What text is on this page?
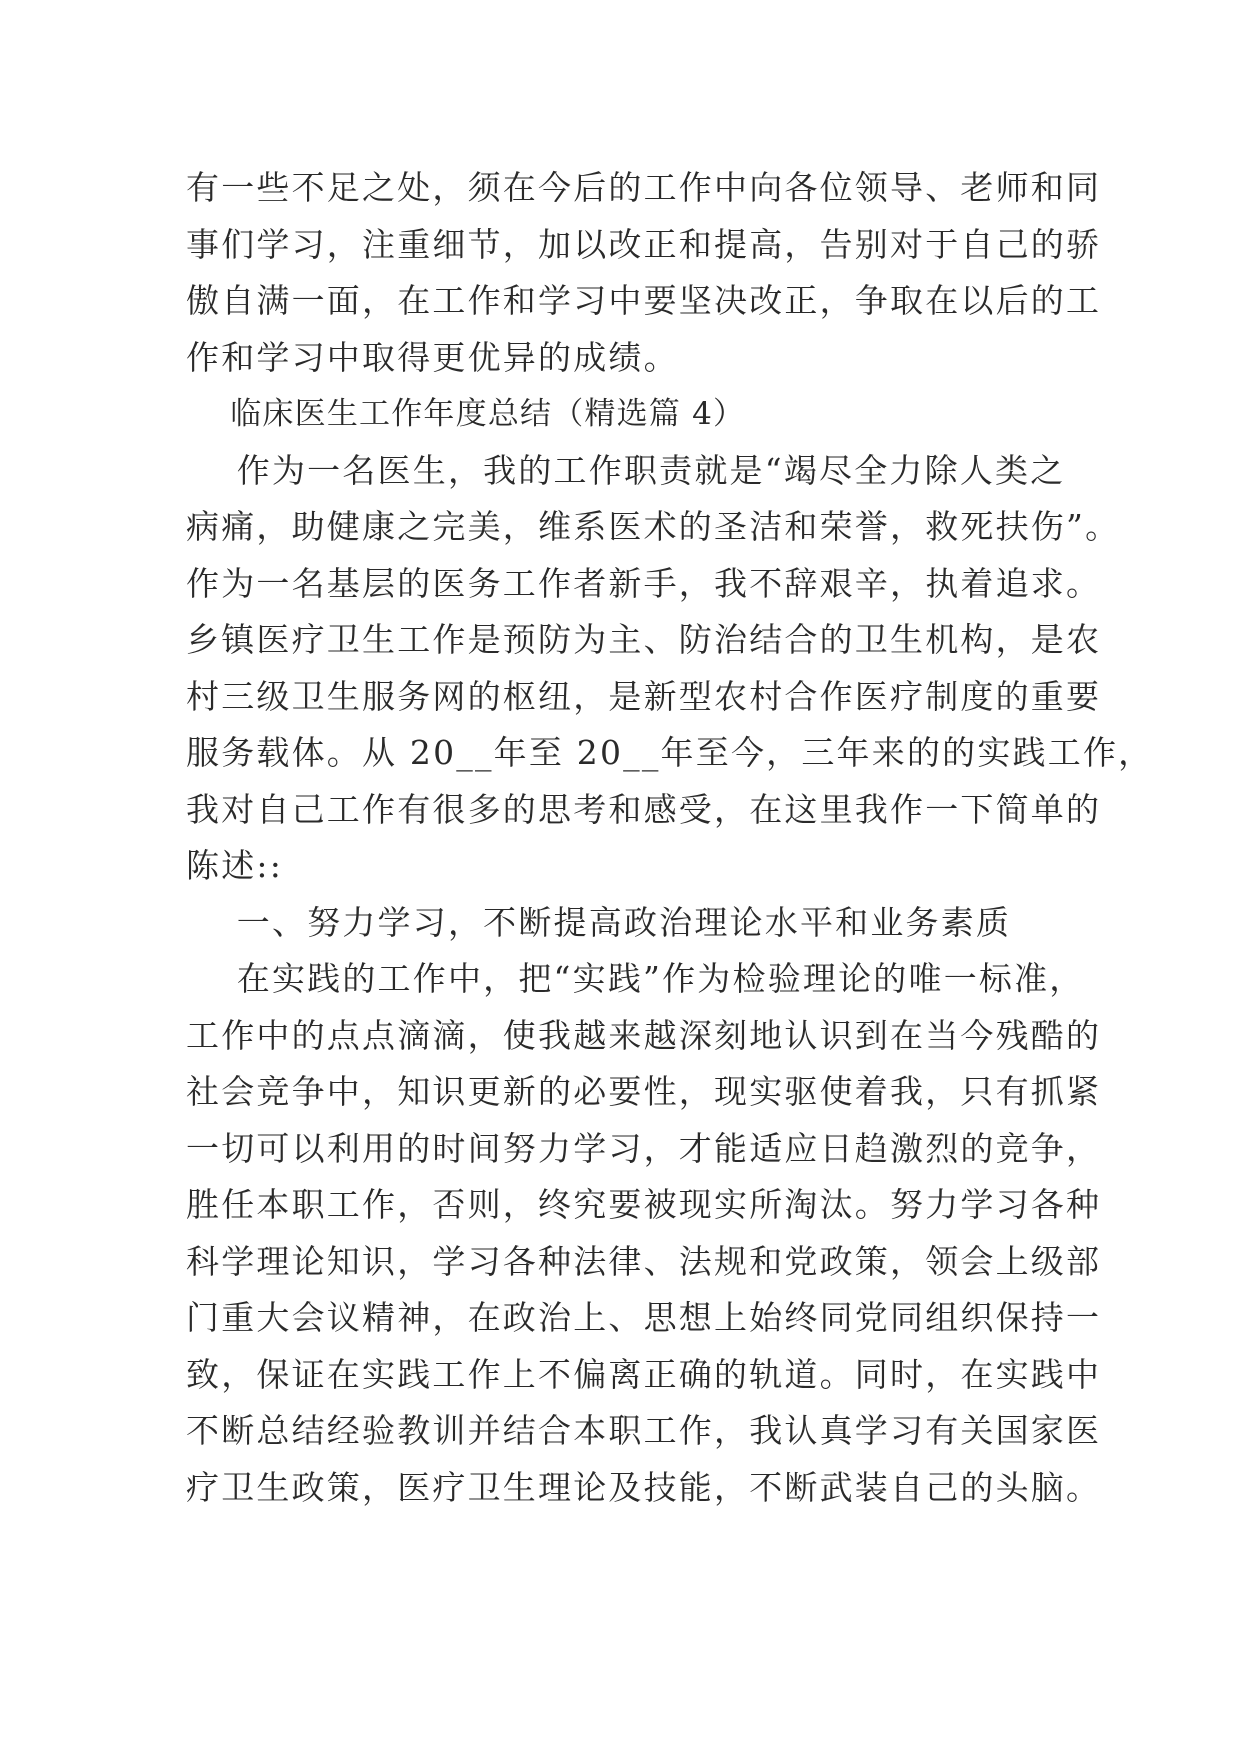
有一些不足之处，须在今后的工作中向各位领导、老师和同
事们学习，注重细节，加以改正和提高，告别对于自己的骄
傲自满一面，在工作和学习中要坚决改正，争取在以后的工
作和学习中取得更优异的成绩。
临床医生工作年度总结（精选篇 4）
作为一名医生，我的工作职责就是“竭尽全力除人类之
病痛，助健康之完美，维系医术的圣洁和荣誉，救死扶伤”。
作为一名基层的医务工作者新手，我不辞艰辛，执着追求。
乡镇医疗卫生工作是预防为主、防治结合的卫生机构，是农
村三级卫生服务网的枢纽，是新型农村合作医疗制度的重要
服务载体。从 20__年至 20__年至今，三年来的的实践工作，
我对自己工作有很多的思考和感受，在这里我作一下简单的
陈述::
一、努力学习，不断提高政治理论水平和业务素质
在实践的工作中，把“实践”作为检验理论的唯一标准，
工作中的点点滴滴，使我越来越深刻地认识到在当今残酷的
社会竞争中，知识更新的必要性，现实驱使着我，只有抓紧
一切可以利用的时间努力学习，才能适应日趋激烈的竞争，
胜任本职工作，否则，终究要被现实所淘汰。努力学习各种
科学理论知识，学习各种法律、法规和党政策，领会上级部
门重大会议精神，在政治上、思想上始终同党同组织保持一
致，保证在实践工作上不偏离正确的轨道。同时，在实践中
不断总结经验教训并结合本职工作，我认真学习有关国家医
疗卫生政策，医疗卫生理论及技能，不断武装自己的头脑。
